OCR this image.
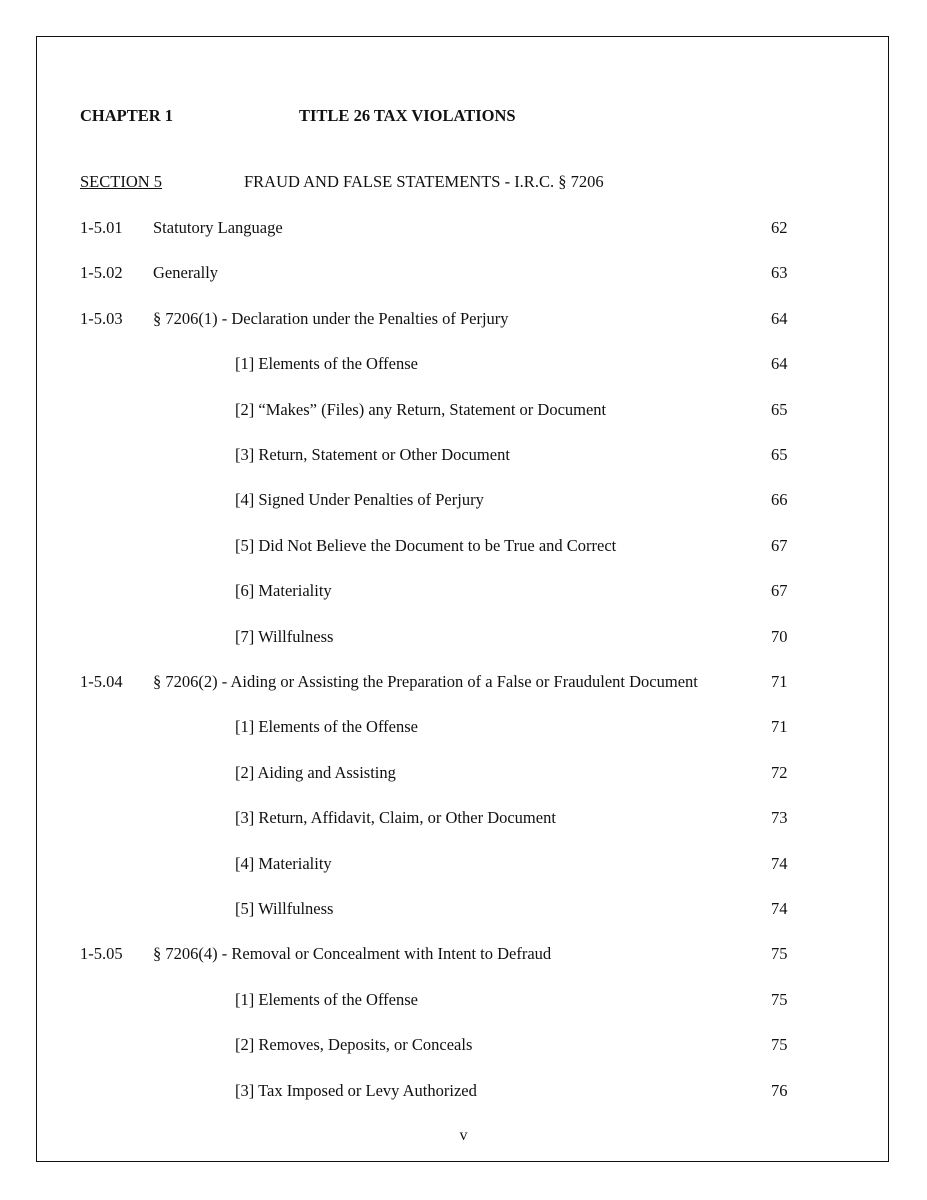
CHAPTER 1	TITLE 26 TAX VIOLATIONS
SECTION 5	FRAUD AND FALSE STATEMENTS - I.R.C. § 7206
1-5.01 Statutory Language	62
1-5.02 Generally	63
1-5.03 § 7206(1) - Declaration under the Penalties of Perjury	64
[1] Elements of the Offense	64
[2] “Makes” (Files) any Return, Statement or Document	65
[3] Return, Statement or Other Document	65
[4] Signed Under Penalties of Perjury	66
[5] Did Not Believe the Document to be True and Correct	67
[6] Materiality	67
[7] Willfulness	70
1-5.04 § 7206(2) - Aiding or Assisting the Preparation of a False or Fraudulent Document	71
[1] Elements of the Offense	71
[2] Aiding and Assisting	72
[3] Return, Affidavit, Claim, or Other Document	73
[4] Materiality	74
[5] Willfulness	74
1-5.05 § 7206(4) - Removal or Concealment with Intent to Defraud	75
[1] Elements of the Offense	75
[2] Removes, Deposits, or Conceals	75
[3] Tax Imposed or Levy Authorized	76
v
